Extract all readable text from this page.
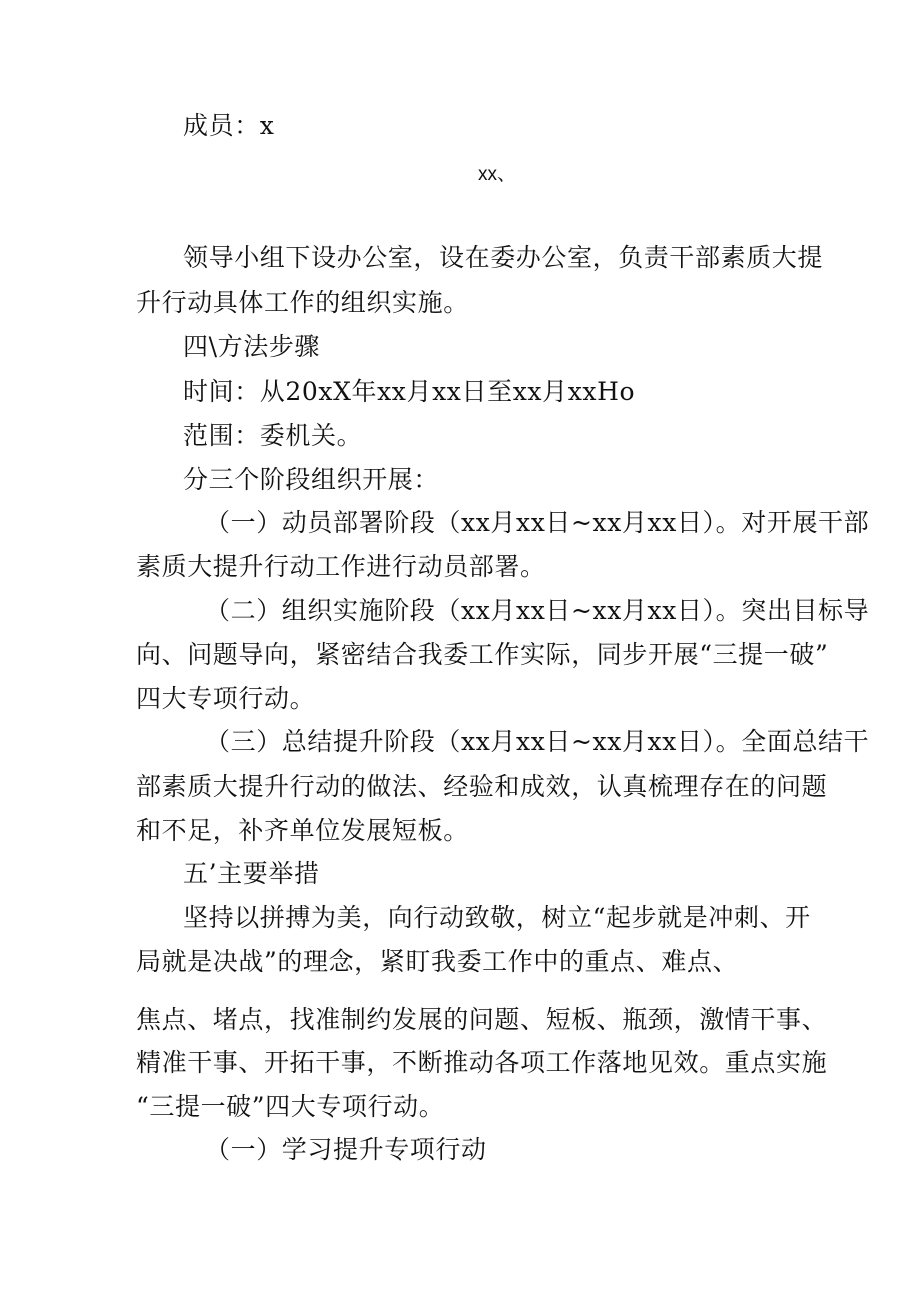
成员：x
xx、
领导小组下设办公室，设在委办公室，负责干部素质大提
升行动具体工作的组织实施。
四\方法步骤
时间：从20xX年xx月xx日至xx月xxHo
范围：委机关。
分三个阶段组织开展：
（一）动员部署阶段（xx月xx日~xx月xx日）。对开展干部
素质大提升行动工作进行动员部署。
（二）组织实施阶段（xx月xx日~xx月xx日）。突出目标导
向、问题导向，紧密结合我委工作实际，同步开展“三提一破”
四大专项行动。
（三）总结提升阶段（xx月xx日~xx月xx日）。全面总结干
部素质大提升行动的做法、经验和成效，认真梳理存在的问题
和不足，补齐单位发展短板。
五’主要举措
坚持以拼搏为美，向行动致敬，树立“起步就是冲刺、开
局就是决战”的理念，紧盯我委工作中的重点、难点、
焦点、堵点，找准制约发展的问题、短板、瓶颈，激情干事、
精准干事、开拓干事，不断推动各项工作落地见效。重点实施
“三提一破”四大专项行动。
（一）学习提升专项行动
